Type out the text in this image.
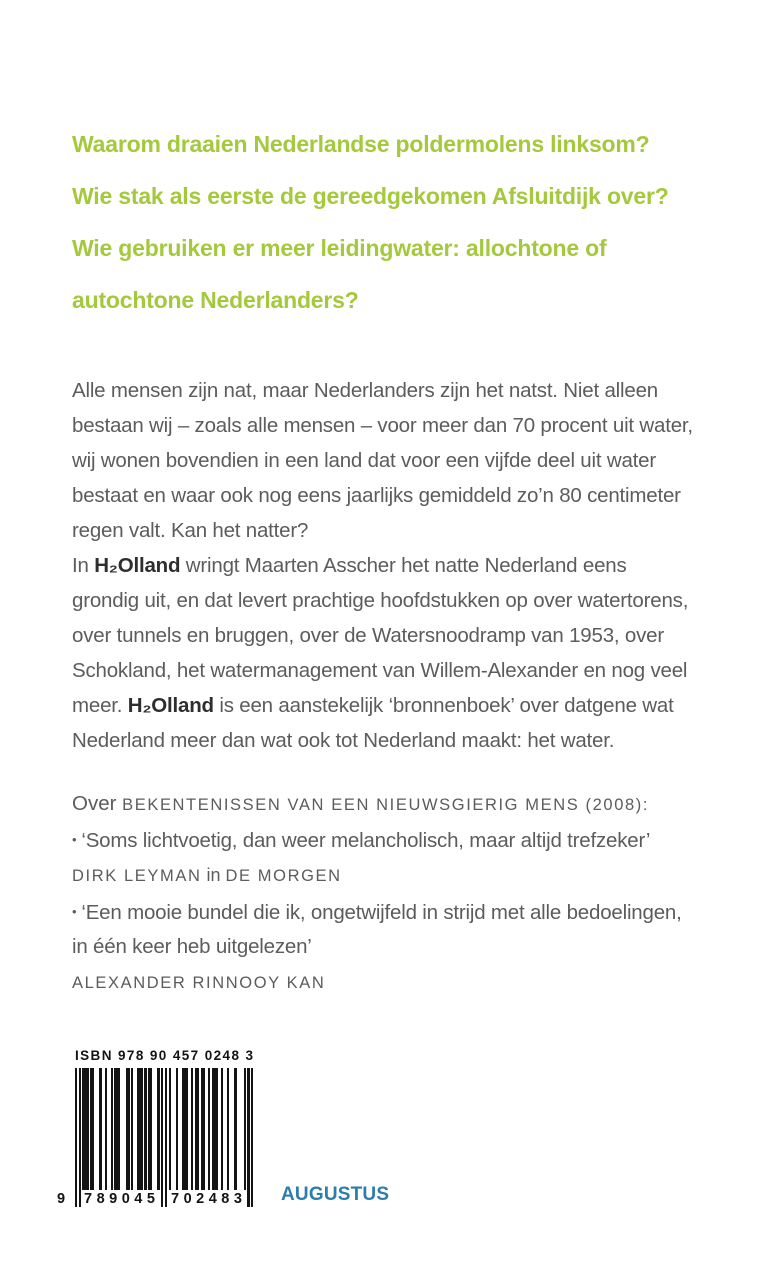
Waarom draaien Nederlandse poldermolens linksom?
Wie stak als eerste de gereedgekomen Afsluitdijk over?
Wie gebruiken er meer leidingwater: allochtone of
autochtone Nederlanders?
Alle mensen zijn nat, maar Nederlanders zijn het natst. Niet alleen
bestaan wij – zoals alle mensen – voor meer dan 70 procent uit water,
wij wonen bovendien in een land dat voor een vijfde deel uit water
bestaat en waar ook nog eens jaarlijks gemiddeld zo’n 80 centimeter
regen valt. Kan het natter?
In H₂Olland wringt Maarten Asscher het natte Nederland eens
grondig uit, en dat levert prachtige hoofdstukken op over watertorens,
over tunnels en bruggen, over de Watersnoodramp van 1953, over
Schokland, het watermanagement van Willem-Alexander en nog veel
meer. H₂Olland is een aanstekelijk ‘bronnenboek’ over datgene wat
Nederland meer dan wat ook tot Nederland maakt: het water.
Over BEKENTENISSEN VAN EEN NIEUWSGIERIG MENS (2008):
• ‘Soms lichtvoetig, dan weer melancholisch, maar altijd trefzeker’
DIRK LEYMAN in DE MORGEN
• ‘Een mooie bundel die ik, ongetwijfeld in strijd met alle bedoelingen,
in één keer heb uitgelezen’
ALEXANDER RINNOOY KAN
ISBN 978 90 457 0248 3
9 789045 702483 AUGUSTUS
